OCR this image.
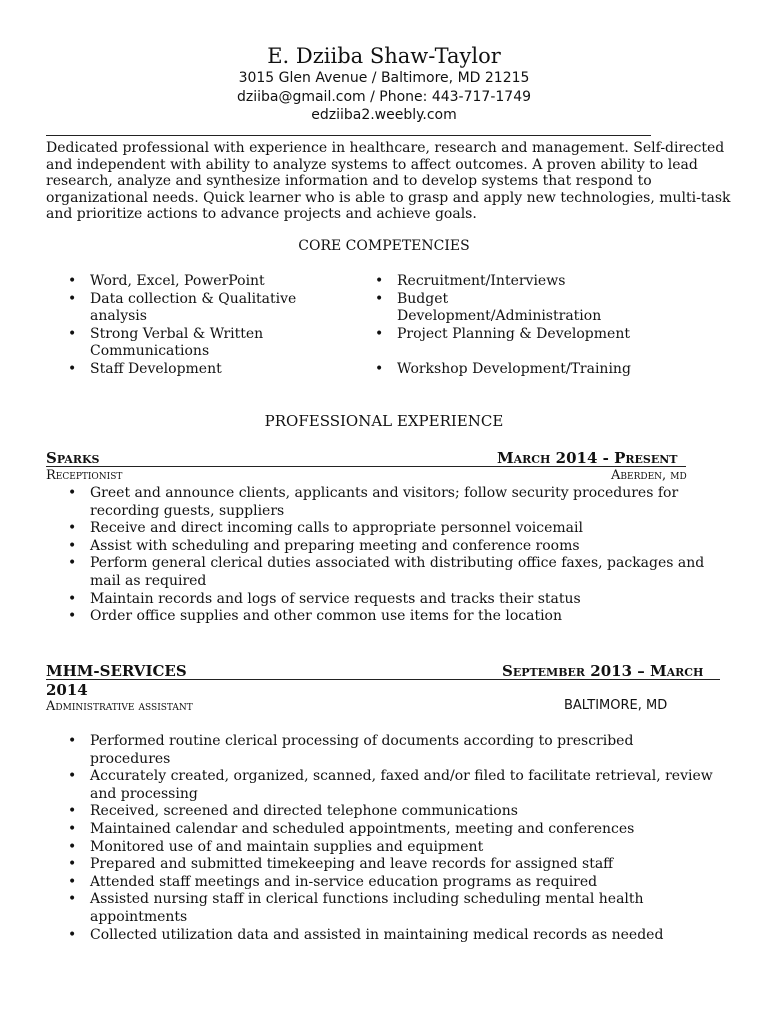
E. Dziiba Shaw-Taylor
3015 Glen Avenue / Baltimore, MD 21215
dziiba@gmail.com / Phone: 443-717-1749
edziiba2.weebly.com
Dedicated professional with experience in healthcare, research and management. Self-directed and independent with ability to analyze systems to affect outcomes. A proven ability to lead research, analyze and synthesize information and to develop systems that respond to organizational needs. Quick learner who is able to grasp and apply new technologies, multi-task and prioritize actions to advance projects and achieve goals.
CORE COMPETENCIES
• Word, Excel, PowerPoint
• Data collection & Qualitative analysis
• Strong Verbal & Written Communications
• Staff Development
• Recruitment/Interviews
• Budget Development/Administration
• Project Planning & Development
• Workshop Development/Training
PROFESSIONAL EXPERIENCE
Sparks	March 2014 - Present
Receptionist	Aberden, md
• Greet and announce clients, applicants and visitors; follow security procedures for recording guests, suppliers
• Receive and direct incoming calls to appropriate personnel voicemail
• Assist with scheduling and preparing meeting and conference rooms
• Perform general clerical duties associated with distributing office faxes, packages and mail as required
• Maintain records and logs of service requests and tracks their status
• Order office supplies and other common use items for the location
MHM-SERVICES	September 2013 – March
2014
Administrative assistant	BALTIMORE, MD
• Performed routine clerical processing of documents according to prescribed procedures
• Accurately created, organized, scanned, faxed and/or filed to facilitate retrieval, review and processing
• Received, screened and directed telephone communications
• Maintained calendar and scheduled appointments, meeting and conferences
• Monitored use of and maintain supplies and equipment
• Prepared and submitted timekeeping and leave records for assigned staff
• Attended staff meetings and in-service education programs as required
• Assisted nursing staff in clerical functions including scheduling mental health appointments
• Collected utilization data and assisted in maintaining medical records as needed
